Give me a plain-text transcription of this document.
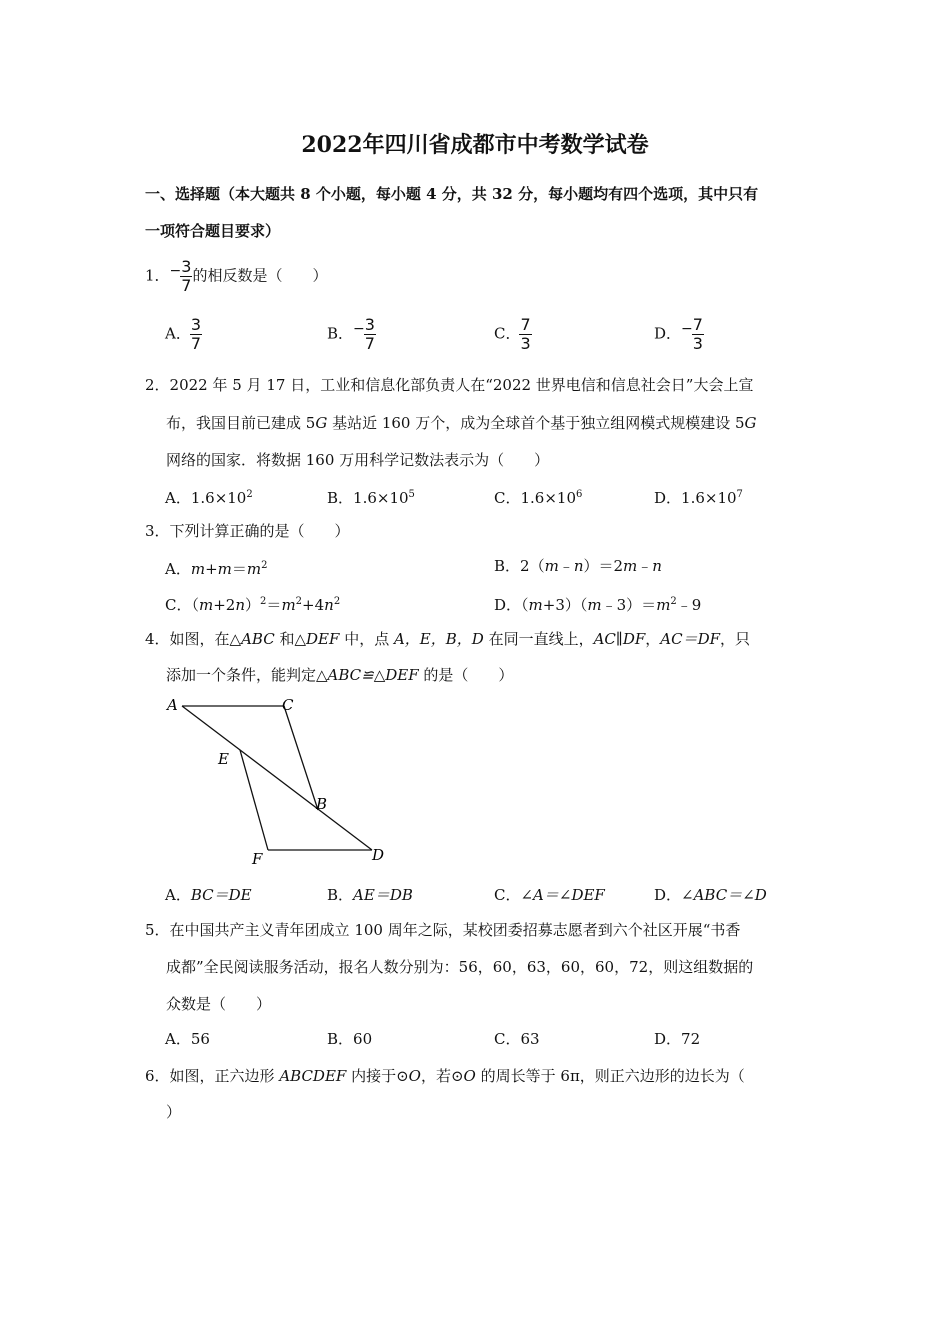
2022年四川省成都市中考数学试卷
一、选择题（本大题共 8 个小题，每小题 4 分，共 32 分，每小题均有四个选项，其中只有
一项符合题目要求）
1．− $\frac{3}{7}$ 的相反数是（　　）
A． $\frac{3}{7}$	B．− $\frac{3}{7}$	C． $\frac{7}{3}$	D．− $\frac{7}{3}$
2．2022 年 5 月 17 日，工业和信息化部负责人在“2022 世界电信和信息社会日”大会上宣
布，我国目前已建成 5G 基站近 160 万个，成为全球首个基于独立组网模式规模建设 5G
网络的国家．将数据 160 万用科学记数法表示为（　　）
A．$1.6\times 10^2$	B．$1.6\times 10^5$	C．$1.6\times 10^6$	D．$1.6\times 10^7$
3．下列计算正确的是（　　）
A．$m+m=m^2$	B．2（m﹣n）＝2m﹣n
C．$(m+2n)^2=m^2+4n^2$	D．$(m+3)(m﹣3)=m^2﹣9$
4．如图，在△ABC 和△DEF 中，点 A，E，B，D 在同一直线上，AC∥DF，AC＝DF，只
添加一个条件，能判定△ABC≌△DEF 的是（　　）
A	C
E
B
F	D
A．BC＝DE	B．AE＝DB	C．∠A＝∠DEF	D．∠ABC＝∠D
5．在中国共产主义青年团成立 100 周年之际，某校团委招募志愿者到六个社区开展“书香
成都”全民阅读服务活动，报名人数分别为：56，60，63，60，60，72，则这组数据的
众数是（　　）
A．56	B．60	C．63	D．72
6．如图，正六边形 ABCDEF 内接于⊙O，若⊙O 的周长等于 6π，则正六边形的边长为（
）
